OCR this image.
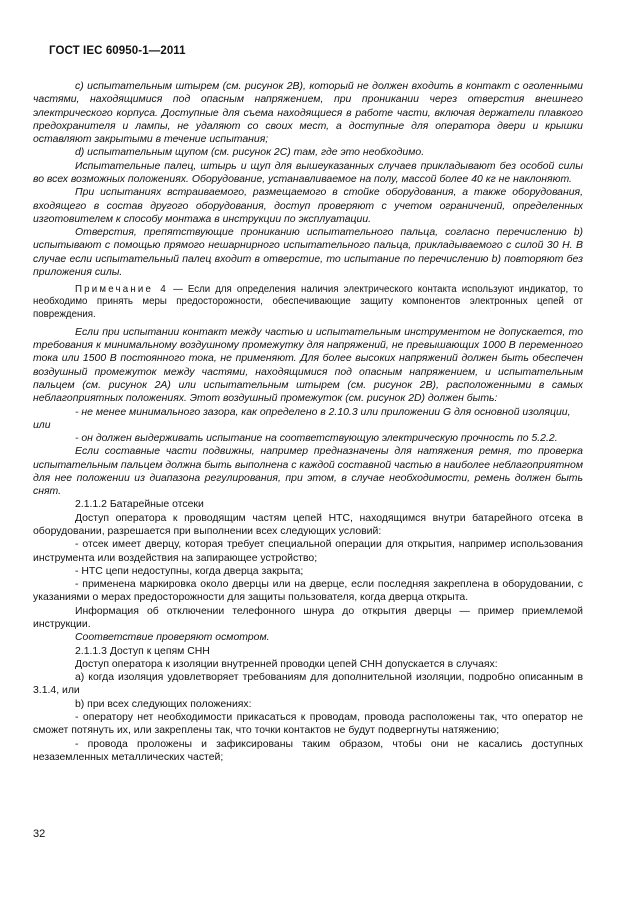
ГОСТ IEC 60950-1—2011

c) испытательным штырем (см. рисунок 2B), который не должен входить в контакт с оголенными частями, находящимися под опасным напряжением, при проникании через отверстия внешнего электрического корпуса. Доступные для съема находящиеся в работе части, включая держатели плавкого предохранителя и лампы, не удаляют со своих мест, а доступные для оператора двери и крышки оставляют закрытыми в течение испытания;

d) испытательным щупом (см. рисунок 2C) там, где это необходимо.

Испытательные палец, штырь и щуп для вышеуказанных случаев прикладывают без особой силы во всех возможных положениях. Оборудование, устанавливаемое на полу, массой более 40 кг не наклоняют.

При испытаниях встраиваемого, размещаемого в стойке оборудования, а также оборудования, входящего в состав другого оборудования, доступ проверяют с учетом ограничений, определенных изготовителем к способу монтажа в инструкции по эксплуатации.

Отверстия, препятствующие прониканию испытательного пальца, согласно перечислению b) испытывают с помощью прямого нешарнирного испытательного пальца, прикладываемого с силой 30 Н. В случае если испытательный палец входит в отверстие, то испытание по перечислению b) повторяют без приложения силы.

Примечание 4 — Если для определения наличия электрического контакта используют индикатор, то необходимо принять меры предосторожности, обеспечивающие защиту компонентов электронных цепей от повреждения.

Если при испытании контакт между частью и испытательным инструментом не допускается, то требования к минимальному воздушному промежутку для напряжений, не превышающих 1000 В переменного тока или 1500 В постоянного тока, не применяют. Для более высоких напряжений должен быть обеспечен воздушный промежуток между частями, находящимися под опасным напряжением, и испытательным пальцем (см. рисунок 2A) или испытательным штырем (см. рисунок 2B), расположенными в самых неблагоприятных положениях. Этот воздушный промежуток (см. рисунок 2D) должен быть:

- не менее минимального зазора, как определено в 2.10.3 или приложении G для основной изоляции,

или

- он должен выдерживать испытание на соответствующую электрическую прочность по 5.2.2.

Если составные части подвижны, например предназначены для натяжения ремня, то проверка испытательным пальцем должна быть выполнена с каждой составной частью в наиболее неблагоприятном для нее положении из диапазона регулирования, при этом, в случае необходимости, ремень должен быть снят.

2.1.1.2 Батарейные отсеки

Доступ оператора к проводящим частям цепей НТС, находящимся внутри батарейного отсека в оборудовании, разрешается при выполнении всех следующих условий:

- отсек имеет дверцу, которая требует специальной операции для открытия, например использования инструмента или воздействия на запирающее устройство;

- НТС цепи недоступны, когда дверца закрыта;

- применена маркировка около дверцы или на дверце, если последняя закреплена в оборудовании, с указаниями о мерах предосторожности для защиты пользователя, когда дверца открыта.

Информация об отключении телефонного шнура до открытия дверцы — пример приемлемой инструкции.

Соответствие проверяют осмотром.

2.1.1.3 Доступ к цепям СНН

Доступ оператора к изоляции внутренней проводки цепей СНН допускается в случаях:

a) когда изоляция удовлетворяет требованиям для дополнительной изоляции, подробно описанным в 3.1.4, или

b) при всех следующих положениях:

- оператору нет необходимости прикасаться к проводам, провода расположены так, что оператор не сможет потянуть их, или закреплены так, что точки контактов не будут подвергнуты натяжению;

- провода проложены и зафиксированы таким образом, чтобы они не касались доступных незаземленных металлических частей;

32
